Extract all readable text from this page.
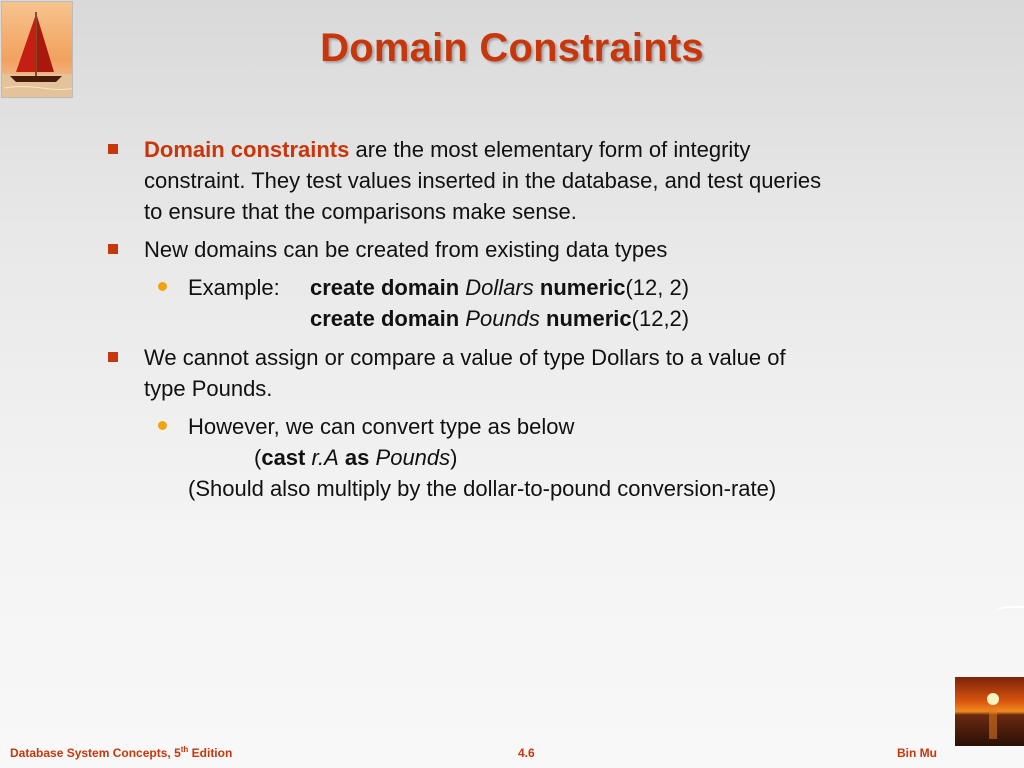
Domain Constraints
Domain constraints are the most elementary form of integrity
constraint. They test values inserted in the database, and test queries
to ensure that the comparisons make sense.
New domains can be created from existing data types
Example:	create domain Dollars numeric(12, 2)
create domain Pounds numeric(12,2)
We cannot assign or compare a value of type Dollars to a value of
type Pounds.
However, we can convert type as below
(cast r.A as Pounds)
(Should also multiply by the dollar-to-pound conversion-rate)
Database System Concepts, 5th Edition	4.6	Bin Mu
